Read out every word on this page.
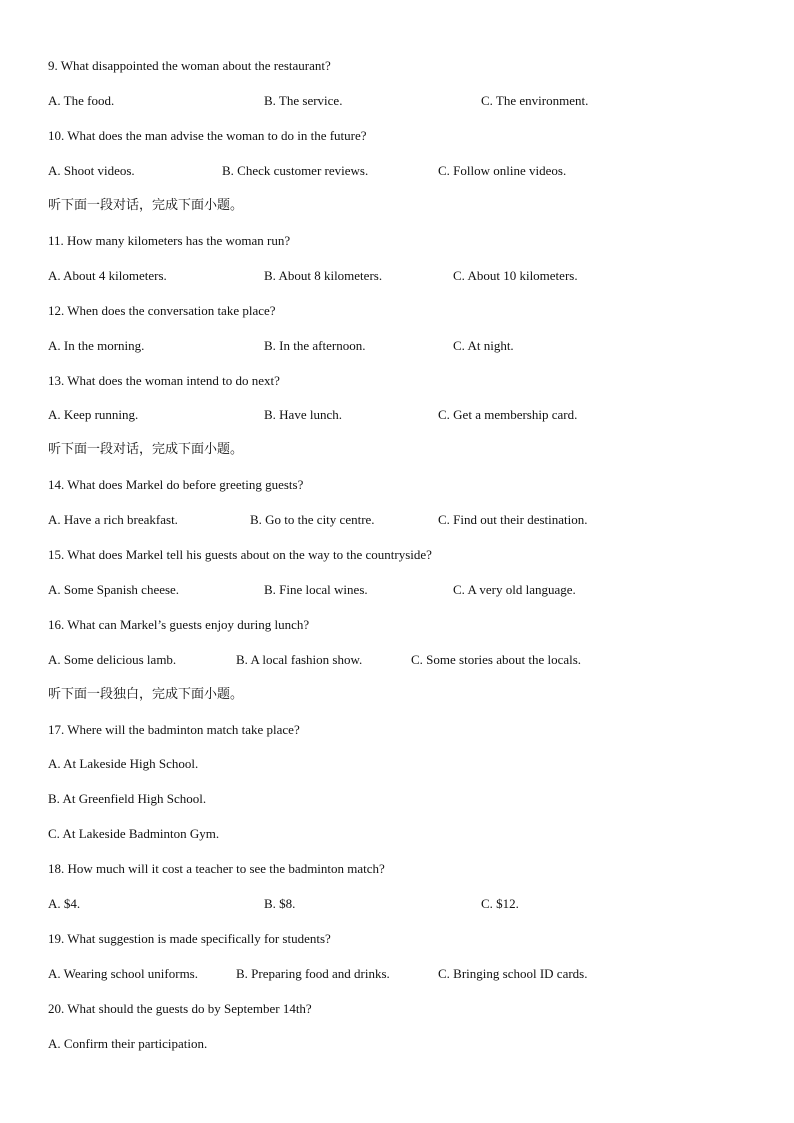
9. What disappointed the woman about the restaurant?
A. The food.	B. The service.	C. The environment.
10. What does the man advise the woman to do in the future?
A. Shoot videos.	B. Check customer reviews.	C. Follow online videos.
听下面一段对话，完成下面小题。
11. How many kilometers has the woman run?
A. About 4 kilometers.	B. About 8 kilometers.	C. About 10 kilometers.
12. When does the conversation take place?
A. In the morning.	B. In the afternoon.	C. At night.
13. What does the woman intend to do next?
A. Keep running.	B. Have lunch.	C. Get a membership card.
听下面一段对话，完成下面小题。
14. What does Markel do before greeting guests?
A. Have a rich breakfast.	B. Go to the city centre.	C. Find out their destination.
15. What does Markel tell his guests about on the way to the countryside?
A. Some Spanish cheese.	B. Fine local wines.	C. A very old language.
16. What can Markel’s guests enjoy during lunch?
A. Some delicious lamb.	B. A local fashion show.	C. Some stories about the locals.
听下面一段独白，完成下面小题。
17. Where will the badminton match take place?
A. At Lakeside High School.
B. At Greenfield High School.
C. At Lakeside Badminton Gym.
18. How much will it cost a teacher to see the badminton match?
A. $4.	B. $8.	C. $12.
19. What suggestion is made specifically for students?
A. Wearing school uniforms.	B. Preparing food and drinks.	C. Bringing school ID cards.
20. What should the guests do by September 14th?
A. Confirm their participation.
